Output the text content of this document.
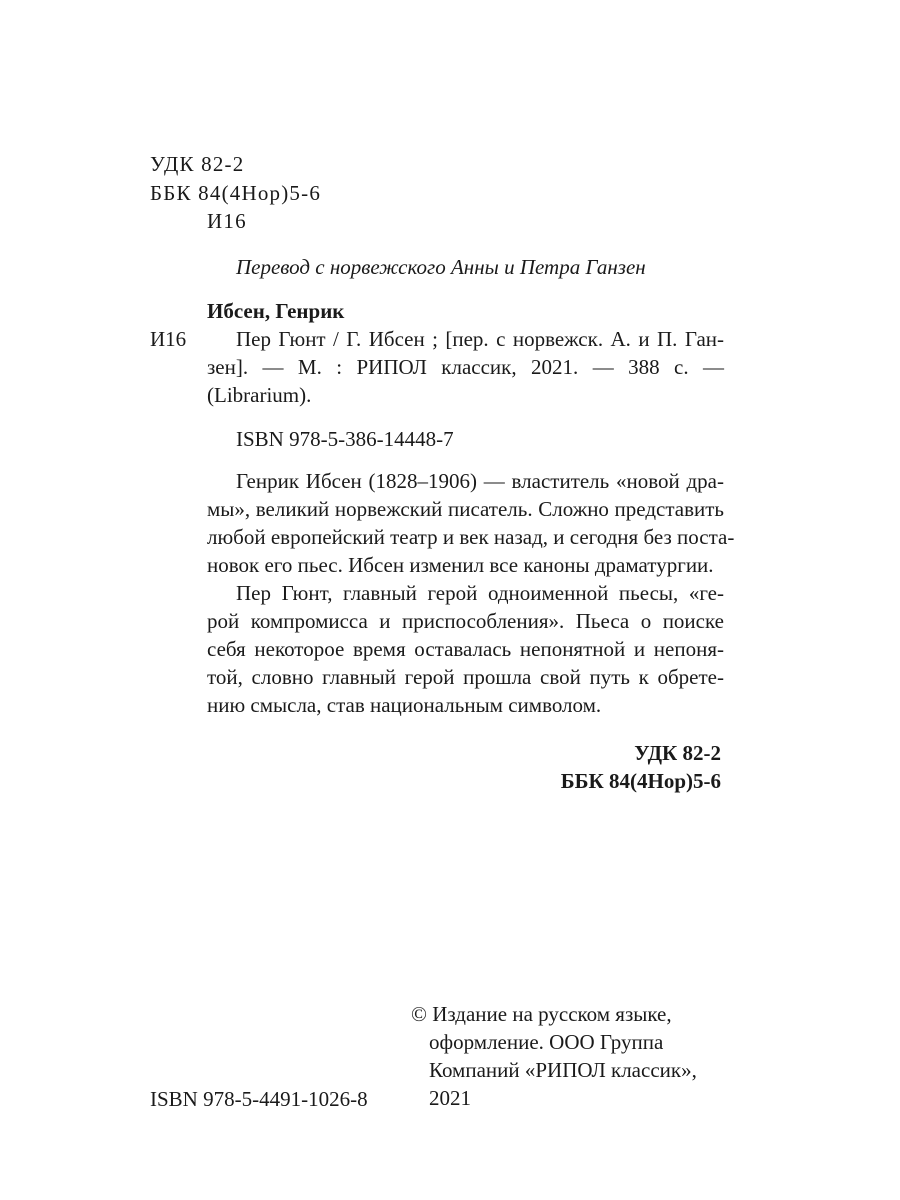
УДК 82-2
ББК 84(4Нор)5-6
И16
Перевод с норвежского Анны и Петра Ганзен
Ибсен, Генрик
И16 Пер Гюнт / Г. Ибсен ; [пер. с норвежск. А. и П. Ган-
зен]. — М. : РИПОЛ классик, 2021. — 388 с. —
(Librarium).
ISBN 978-5-386-14448-7
Генрик Ибсен (1828–1906) — властитель «новой дра-
мы», великий норвежский писатель. Сложно представить
любой европейский театр и век назад, и сегодня без поста-
новок его пьес. Ибсен изменил все каноны драматургии.
Пер Гюнт, главный герой одноименной пьесы, «ге-
рой компромисса и приспособления». Пьеса о поиске
себя некоторое время оставалась непонятной и непоня-
той, словно главный герой прошла свой путь к обрете-
нию смысла, став национальным символом.
УДК 82-2
ББК 84(4Нор)5-6
ISBN 978-5-4491-1026-8
© Издание на русском языке,
оформление. ООО Группа
Компаний «РИПОЛ классик»,
2021
